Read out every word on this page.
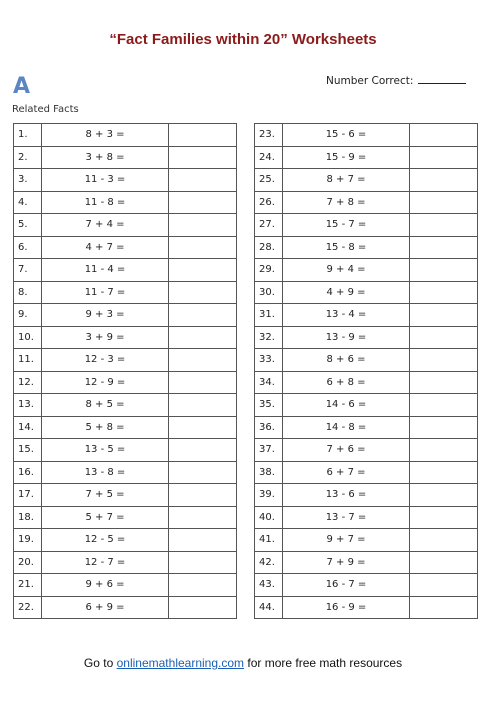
“Fact Families within 20” Worksheets
A
Related Facts
Number Correct:
1.	8 + 3 =	
2.	3 + 8 =	
3.	11 - 3 =	
4.	11 - 8 =	
5.	7 + 4 =	
6.	4 + 7 =	
7.	11 - 4 =	
8.	11 - 7 =	
9.	9 + 3 =	
10.	3 + 9 =	
11.	12 - 3 =	
12.	12 - 9 =	
13.	8 + 5 =	
14.	5 + 8 =	
15.	13 - 5 =	
16.	13 - 8 =	
17.	7 + 5 =	
18.	5 + 7 =	
19.	12 - 5 =	
20.	12 - 7 =	
21.	9 + 6 =	
22.	6 + 9 =	
23.	15 - 6 =	
24.	15 - 9 =	
25.	8 + 7 =	
26.	7 + 8 =	
27.	15 - 7 =	
28.	15 - 8 =	
29.	9 + 4 =	
30.	4 + 9 =	
31.	13 - 4 =	
32.	13 - 9 =	
33.	8 + 6 =	
34.	6 + 8 =	
35.	14 - 6 =	
36.	14 - 8 =	
37.	7 + 6 =	
38.	6 + 7 =	
39.	13 - 6 =	
40.	13 - 7 =	
41.	9 + 7 =	
42.	7 + 9 =	
43.	16 - 7 =	
44.	16 - 9 =	
Go to onlinemathlearning.com for more free math resources
